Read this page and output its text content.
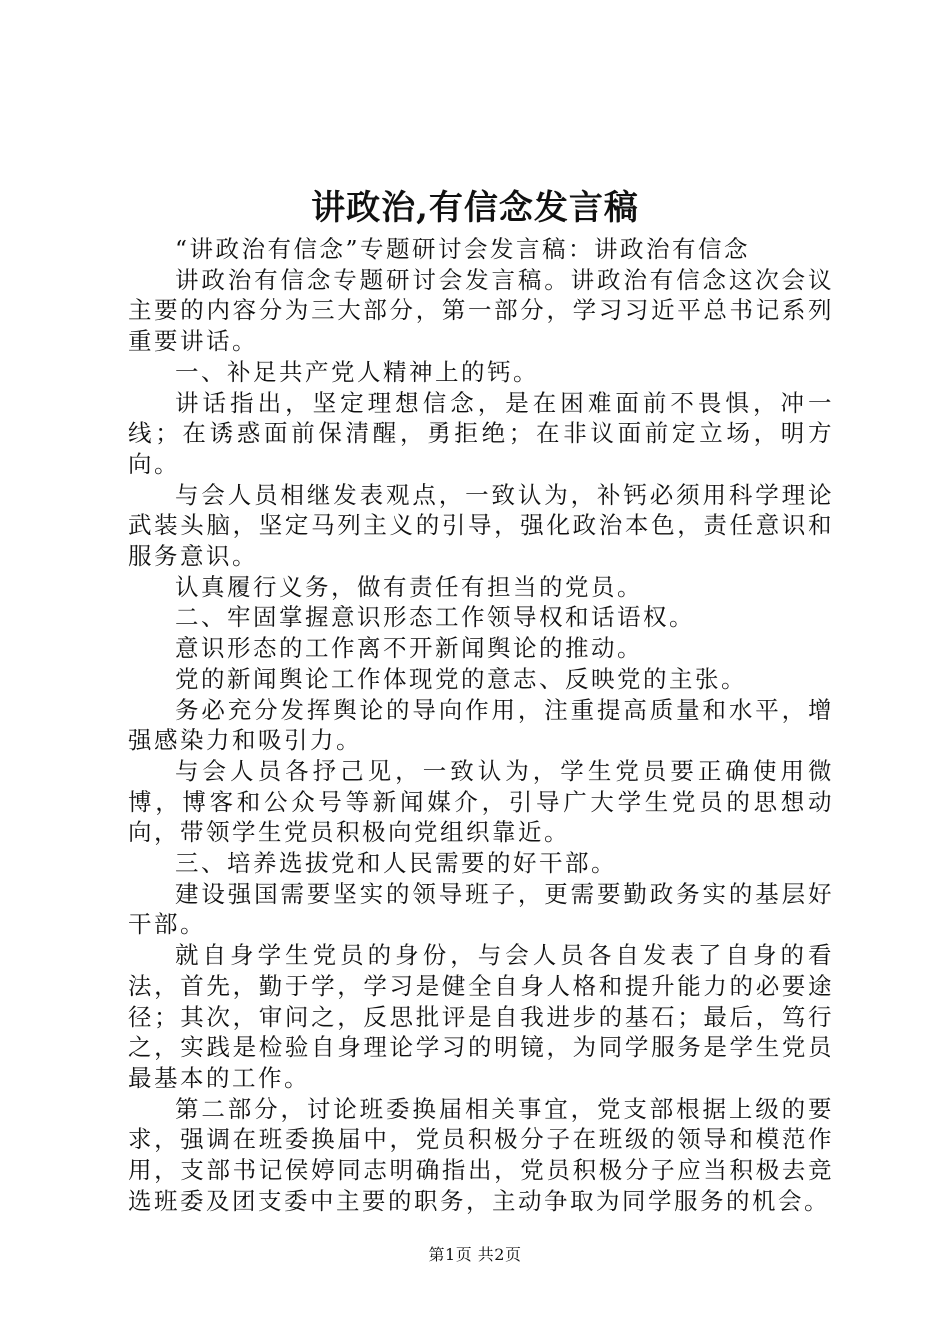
讲政治,有信念发言稿

“讲政治有信念”专题研讨会发言稿：讲政治有信念

讲政治有信念专题研讨会发言稿。讲政治有信念这次会议主要的内容分为三大部分，第一部分，学习习近平总书记系列重要讲话。

一、补足共产党人精神上的钙。

讲话指出，坚定理想信念，是在困难面前不畏惧，冲一线；在诱惑面前保清醒，勇拒绝；在非议面前定立场，明方向。

与会人员相继发表观点，一致认为，补钙必须用科学理论武装头脑，坚定马列主义的引导，强化政治本色，责任意识和服务意识。

认真履行义务，做有责任有担当的党员。

二、牢固掌握意识形态工作领导权和话语权。

意识形态的工作离不开新闻舆论的推动。

党的新闻舆论工作体现党的意志、反映党的主张。

务必充分发挥舆论的导向作用，注重提高质量和水平，增强感染力和吸引力。

与会人员各抒己见，一致认为，学生党员要正确使用微博，博客和公众号等新闻媒介，引导广大学生党员的思想动向，带领学生党员积极向党组织靠近。

三、培养选拔党和人民需要的好干部。

建设强国需要坚实的领导班子，更需要勤政务实的基层好干部。

就自身学生党员的身份，与会人员各自发表了自身的看法，首先，勤于学，学习是健全自身人格和提升能力的必要途径；其次，审问之，反思批评是自我进步的基石；最后，笃行之，实践是检验自身理论学习的明镜，为同学服务是学生党员最基本的工作。

第二部分，讨论班委换届相关事宜，党支部根据上级的要求，强调在班委换届中，党员积极分子在班级的领导和模范作用，支部书记侯婷同志明确指出，党员积极分子应当积极去竞选班委及团支委中主要的职务，主动争取为同学服务的机会。

第1页 共2页
